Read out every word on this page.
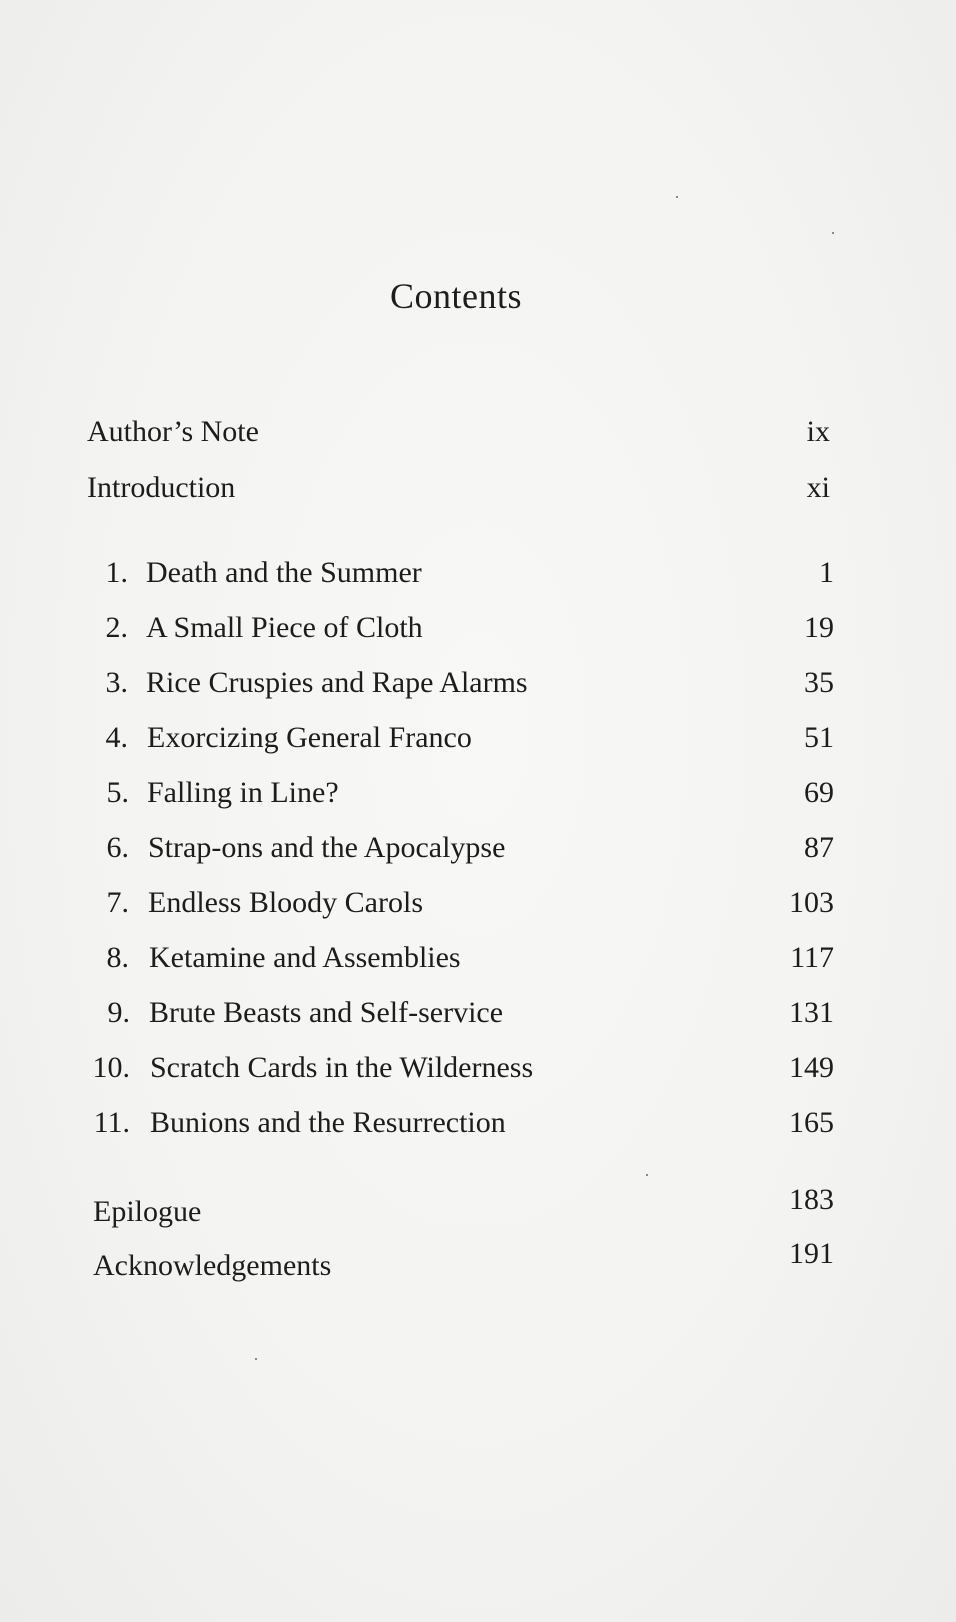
Contents
Author’s Note	ix
Introduction	xi
1. Death and the Summer	1
2. A Small Piece of Cloth	19
3. Rice Cruspies and Rape Alarms	35
4. Exorcizing General Franco	51
5. Falling in Line?	69
6. Strap-ons and the Apocalypse	87
7. Endless Bloody Carols	103
8. Ketamine and Assemblies	117
9. Brute Beasts and Self-service	131
10. Scratch Cards in the Wilderness	149
11. Bunions and the Resurrection	165
Epilogue	183
Acknowledgements	191
